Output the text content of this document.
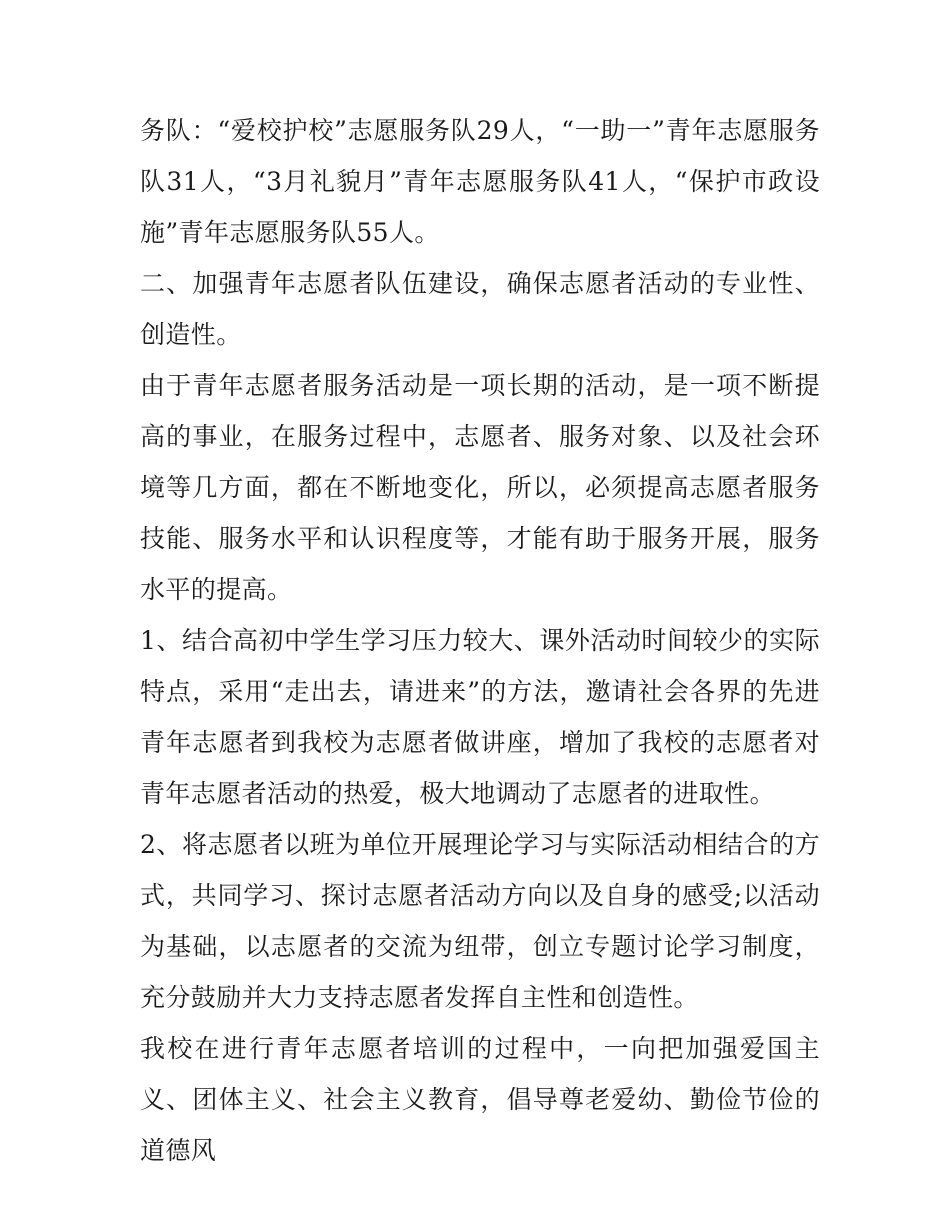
务队：“爱校护校”志愿服务队29人，“一助一”青年志愿服务队31人，“3月礼貌月”青年志愿服务队41人，“保护市政设施”青年志愿服务队55人。

二、加强青年志愿者队伍建设，确保志愿者活动的专业性、创造性。

由于青年志愿者服务活动是一项长期的活动，是一项不断提高的事业，在服务过程中，志愿者、服务对象、以及社会环境等几方面，都在不断地变化，所以，必须提高志愿者服务技能、服务水平和认识程度等，才能有助于服务开展，服务水平的提高。

1、结合高初中学生学习压力较大、课外活动时间较少的实际特点，采用“走出去，请进来”的方法，邀请社会各界的先进青年志愿者到我校为志愿者做讲座，增加了我校的志愿者对青年志愿者活动的热爱，极大地调动了志愿者的进取性。

2、将志愿者以班为单位开展理论学习与实际活动相结合的方式，共同学习、探讨志愿者活动方向以及自身的感受;以活动为基础，以志愿者的交流为纽带，创立专题讨论学习制度，充分鼓励并大力支持志愿者发挥自主性和创造性。

我校在进行青年志愿者培训的过程中，一向把加强爱国主义、团体主义、社会主义教育，倡导尊老爱幼、勤俭节俭的道德风
